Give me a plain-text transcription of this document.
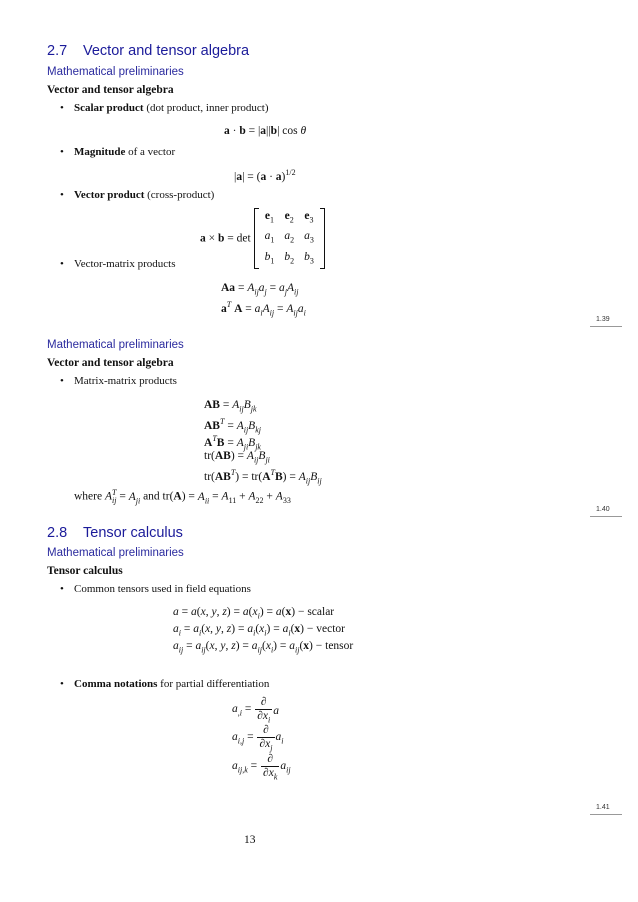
2.7 Vector and tensor algebra
Mathematical preliminaries
Vector and tensor algebra
• Scalar product (dot product, inner product)
a · b = |a||b| cos θ
• Magnitude of a vector
$|a| = (a \cdot a)^{1/2}$
• Vector product (cross-product)
a × b = det
$e_1$	$e_2$	$e_3$
$a_1$	$a_2$	$a_3$
$b_1$	$b_2$	$b_3$
• Vector-matrix products
$Aa = A_{ij}a_j = a_jA_{ij}$
$a^T$ $A = a_iA_{ij} = A_{ij}a_i$
1.39
Mathematical preliminaries
Vector and tensor algebra
• Matrix-matrix products
AB = $A_{ij}B_{jk}$
$AB^T = A_{ij}B_{kj}$
$A^TB = A_{ji}B_{jk}$
$tr(AB) = A_{ij}B_{ji}$
$tr(AB^T) = tr(A^TB) = A_{ij}B_{ij}$
where AT
ij = $A_{ji}$ and $tr(A) = A_{ii} = A_{11} + A_{22} + A_{33}$
1.40
2.8 Tensor calculus
Mathematical preliminaries
Tensor calculus
• Common tensors used in field equations
a = a(x, y, $z) = a(x_i) = a(x)$ − scalar
$a_i = a_i(x$, y, $z) = a_i(x_i) = a_i(x)$ − vector
$a_{ij} = a_{ij}(x$, y, $z) = a_{ij}(x_i) = a_{ij}(x)$ − tensor
• Comma notations for partial differentiation
$a_{,i} = \frac{\partial}{\partial x_i}$ a
$a_{i,j} = \frac{\partial}{\partial x_j} a_i$
$a_{ij,k} = \frac{\partial}{\partial x_k} a_{ij}$
1.41
13
